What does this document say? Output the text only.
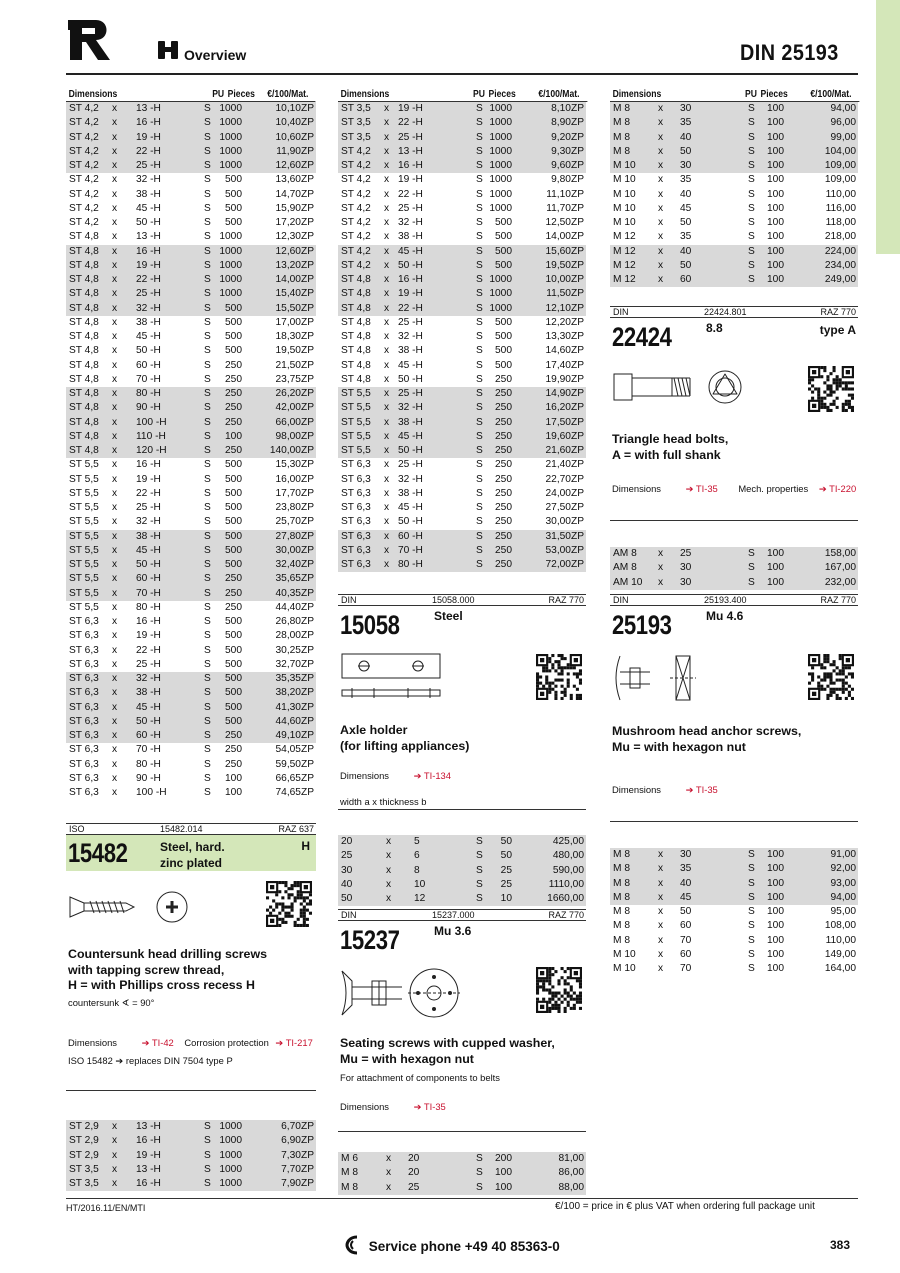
Overview	DIN 25193
Dimensions	PU Pieces €/100/Mat.
ST 4,2 x 13 -H	S 1000	10,10ZP
ST 4,2 x 16 -H	S 1000	10,40ZP
ST 4,2 x 19 -H	S 1000	10,60ZP
ST 4,2 x 22 -H	S 1000	11,90ZP
ST 4,2 x 25 -H	S 1000	12,60ZP
ST 4,2 x 32 -H	S 500	13,60ZP
ST 4,2 x 38 -H	S 500	14,70ZP
ST 4,2 x 45 -H	S 500	15,90ZP
ST 4,2 x 50 -H	S 500	17,20ZP
ST 4,8 x 13 -H	S 1000	12,30ZP
ST 4,8 x 16 -H	S 1000	12,60ZP
ST 4,8 x 19 -H	S 1000	13,20ZP
ST 4,8 x 22 -H	S 1000	14,00ZP
ST 4,8 x 25 -H	S 1000	15,40ZP
ST 4,8 x 32 -H	S 500	15,50ZP
ST 4,8 x 38 -H	S 500	17,00ZP
ST 4,8 x 45 -H	S 500	18,30ZP
ST 4,8 x 50 -H	S 500	19,50ZP
ST 4,8 x 60 -H	S 250	21,50ZP
ST 4,8 x 70 -H	S 250	23,75ZP
ST 4,8 x 80 -H	S 250	26,20ZP
ST 4,8 x 90 -H	S 250	42,00ZP
ST 4,8 x 100 -H	S 250	66,00ZP
ST 4,8 x 110 -H	S 100	98,00ZP
ST 4,8 x 120 -H	S 250	140,00ZP
ST 5,5 x 16 -H	S 500	15,30ZP
ST 5,5 x 19 -H	S 500	16,00ZP
ST 5,5 x 22 -H	S 500	17,70ZP
ST 5,5 x 25 -H	S 500	23,80ZP
ST 5,5 x 32 -H	S 500	25,70ZP
ST 5,5 x 38 -H	S 500	27,80ZP
ST 5,5 x 45 -H	S 500	30,00ZP
ST 5,5 x 50 -H	S 500	32,40ZP
ST 5,5 x 60 -H	S 250	35,65ZP
ST 5,5 x 70 -H	S 250	40,35ZP
ST 5,5 x 80 -H	S 250	44,40ZP
ST 6,3 x 16 -H	S 500	26,80ZP
ST 6,3 x 19 -H	S 500	28,00ZP
ST 6,3 x 22 -H	S 500	30,25ZP
ST 6,3 x 25 -H	S 500	32,70ZP
ST 6,3 x 32 -H	S 500	35,35ZP
ST 6,3 x 38 -H	S 500	38,20ZP
ST 6,3 x 45 -H	S 500	41,30ZP
ST 6,3 x 50 -H	S 500	44,60ZP
ST 6,3 x 60 -H	S 250	49,10ZP
ST 6,3 x 70 -H	S 250	54,05ZP
ST 6,3 x 80 -H	S 250	59,50ZP
ST 6,3 x 90 -H	S 100	66,65ZP
ST 6,3 x 100 -H	S 100	74,65ZP
Dimensions	PU Pieces €/100/Mat.
ST 3,5 x 19 -H	S 1000	8,10ZP
ST 3,5 x 22 -H	S 1000	8,90ZP
ST 3,5 x 25 -H	S 1000	9,20ZP
ST 4,2 x 13 -H	S 1000	9,30ZP
ST 4,2 x 16 -H	S 1000	9,60ZP
ST 4,2 x 19 -H	S 1000	9,80ZP
ST 4,2 x 22 -H	S 1000	11,10ZP
ST 4,2 x 25 -H	S 1000	11,70ZP
ST 4,2 x 32 -H	S 500	12,50ZP
ST 4,2 x 38 -H	S 500	14,00ZP
ST 4,2 x 45 -H	S 500	15,60ZP
ST 4,2 x 50 -H	S 500	19,50ZP
ST 4,8 x 16 -H	S 1000	10,00ZP
ST 4,8 x 19 -H	S 1000	11,50ZP
ST 4,8 x 22 -H	S 1000	12,10ZP
ST 4,8 x 25 -H	S 500	12,20ZP
ST 4,8 x 32 -H	S 500	13,30ZP
ST 4,8 x 38 -H	S 500	14,60ZP
ST 4,8 x 45 -H	S 500	17,40ZP
ST 4,8 x 50 -H	S 250	19,90ZP
ST 5,5 x 25 -H	S 250	14,90ZP
ST 5,5 x 32 -H	S 250	16,20ZP
ST 5,5 x 38 -H	S 250	17,50ZP
ST 5,5 x 45 -H	S 250	19,60ZP
ST 5,5 x 50 -H	S 250	21,60ZP
ST 6,3 x 25 -H	S 250	21,40ZP
ST 6,3 x 32 -H	S 250	22,70ZP
ST 6,3 x 38 -H	S 250	24,00ZP
ST 6,3 x 45 -H	S 250	27,50ZP
ST 6,3 x 50 -H	S 250	30,00ZP
ST 6,3 x 60 -H	S 250	31,50ZP
ST 6,3 x 70 -H	S 250	53,00ZP
ST 6,3 x 80 -H	S 250	72,00ZP
Dimensions	PU Pieces €/100/Mat.
M 8	x 30	S 100	94,00
M 8	x 35	S 100	96,00
M 8	x 40	S 100	99,00
M 8	x 50	S 100	104,00
M 10 x 30	S 100	109,00
M 10 x 35	S 100	109,00
M 10 x 40	S 100	110,00
M 10 x 45	S 100	116,00
M 10 x 50	S 100	118,00
M 12 x 35	S 100	218,00
M 12 x 40	S 100	224,00
M 12 x 50	S 100	234,00
M 12 x 60	S 100	249,00
DIN	22424.801	RAZ 770
22424	8.8	type A
Triangle head bolts,
A = with full shank
Dimensions	➔ TI-35 Mech. properties ➔ TI-220
AM 8 x 25	S 100	158,00
AM 8 x 30	S 100	167,00
AM 10 x 30	S 100	232,00
DIN	25193.400	RAZ 770
25193	Mu 4.6
Mushroom head anchor screws,
Mu = with hexagon nut
Dimensions	➔ TI-35
M 8	x 30	S 100	91,00
M 8	x 35	S 100	92,00
M 8	x 40	S 100	93,00
M 8	x 45	S 100	94,00
M 8	x 50	S 100	95,00
M 8	x 60	S 100	108,00
M 8	x 70	S 100	110,00
M 10 x 60	S 100	149,00
M 10 x 70	S 100	164,00
DIN	15058.000	RAZ 770
15058	Steel
Axle holder
(for lifting appliances)
Dimensions	➔ TI-134
width a x thickness b
20	x 5	S 50	425,00
25	x 6	S 50	480,00
30	x 8	S 25	590,00
40	x 10	S 25	1110,00
50	x 12	S 10	1660,00
DIN	15237.000	RAZ 770
15237	Mu 3.6
Seating screws with cupped washer,
Mu = with hexagon nut
For attachment of components to belts
Dimensions	➔ TI-35
M 6	x 20	S 200	81,00
M 8	x 20	S 100	86,00
M 8	x 25	S 100	88,00
ISO	15482.014	RAZ 637
15482	Steel, hard.
zinc plated
H
Countersunk head drilling screws
with tapping screw thread,
H = with Phillips cross recess H
countersunk ∢ = 90°
Dimensions	➔ TI-42 Corrosion protection ➔ TI-217
ISO 15482 ➔ replaces DIN 7504 type P
ST 2,9 x 13 -H	S 1000	6,70ZP
ST 2,9 x 16 -H	S 1000	6,90ZP
ST 2,9 x 19 -H	S 1000	7,30ZP
ST 3,5 x 13 -H	S 1000	7,70ZP
ST 3,5 x 16 -H	S 1000	7,90ZP
HT/2016.11/EN/MTI	€/100 = price in € plus VAT when ordering full package unit
Service phone +49 40 85363-0	383
